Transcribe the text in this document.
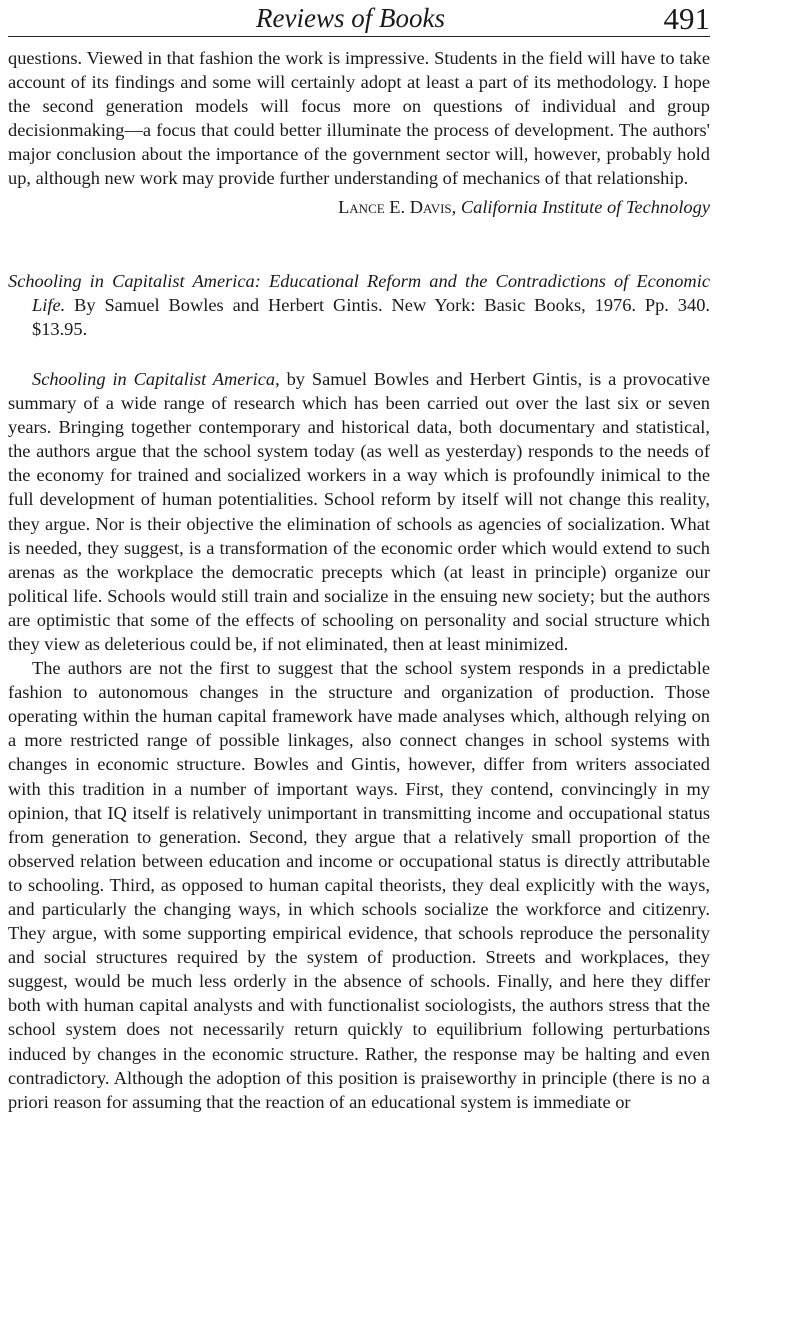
Reviews of Books	491

questions. Viewed in that fashion the work is impressive. Students in the field will have to take account of its findings and some will certainly adopt at least a part of its methodology. I hope the second generation models will focus more on questions of individual and group decisionmaking—a focus that could better illuminate the process of development. The authors' major conclusion about the importance of the government sector will, however, probably hold up, although new work may provide further understanding of mechanics of that relationship.

Lance E. Davis, California Institute of Technology

Schooling in Capitalist America: Educational Reform and the Contradictions of Economic Life. By Samuel Bowles and Herbert Gintis. New York: Basic Books, 1976. Pp. 340. $13.95.

Schooling in Capitalist America, by Samuel Bowles and Herbert Gintis, is a provocative summary of a wide range of research which has been carried out over the last six or seven years. Bringing together contemporary and historical data, both documentary and statistical, the authors argue that the school system today (as well as yesterday) responds to the needs of the economy for trained and socialized workers in a way which is profoundly inimical to the full development of human potentialities. School reform by itself will not change this reality, they argue. Nor is their objective the elimination of schools as agencies of socialization. What is needed, they suggest, is a transformation of the economic order which would extend to such arenas as the workplace the democratic precepts which (at least in principle) organize our political life. Schools would still train and socialize in the ensuing new society; but the authors are optimistic that some of the effects of schooling on personality and social structure which they view as deleterious could be, if not eliminated, then at least minimized.

The authors are not the first to suggest that the school system responds in a predictable fashion to autonomous changes in the structure and organization of production. Those operating within the human capital framework have made analyses which, although relying on a more restricted range of possible linkages, also connect changes in school systems with changes in economic structure. Bowles and Gintis, however, differ from writers associated with this tradition in a number of important ways. First, they contend, convincingly in my opinion, that IQ itself is relatively unimportant in transmitting income and occupational status from generation to generation. Second, they argue that a relatively small proportion of the observed relation between education and income or occupational status is directly attributable to schooling. Third, as opposed to human capital theorists, they deal explicitly with the ways, and particularly the changing ways, in which schools socialize the workforce and citizenry. They argue, with some supporting empirical evidence, that schools reproduce the personality and social structures required by the system of production. Streets and workplaces, they suggest, would be much less orderly in the absence of schools. Finally, and here they differ both with human capital analysts and with functionalist sociologists, the authors stress that the school system does not necessarily return quickly to equilibrium following perturbations induced by changes in the economic structure. Rather, the response may be halting and even contradictory. Although the adoption of this position is praiseworthy in principle (there is no a priori reason for assuming that the reaction of an educational system is immediate or
